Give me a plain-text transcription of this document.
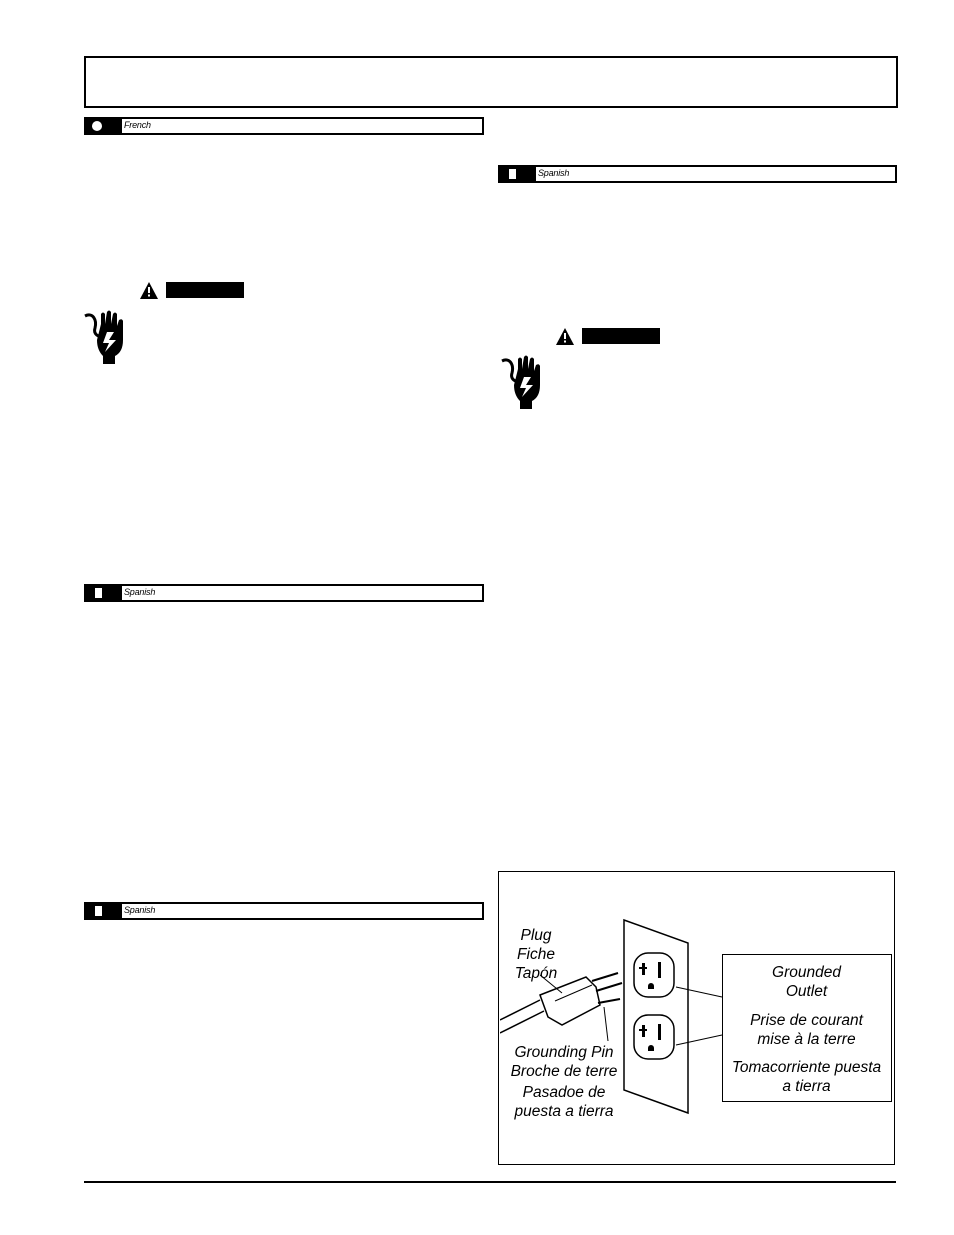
French
Spanish
Spanish
Spanish
Plug
Fiche
Tapón
Grounding Pin
Broche de terre
Pasadoe de
puesta a tierra
Grounded
Outlet
Prise de courant
mise à la terre
Tomacorriente puesta
a tierra
